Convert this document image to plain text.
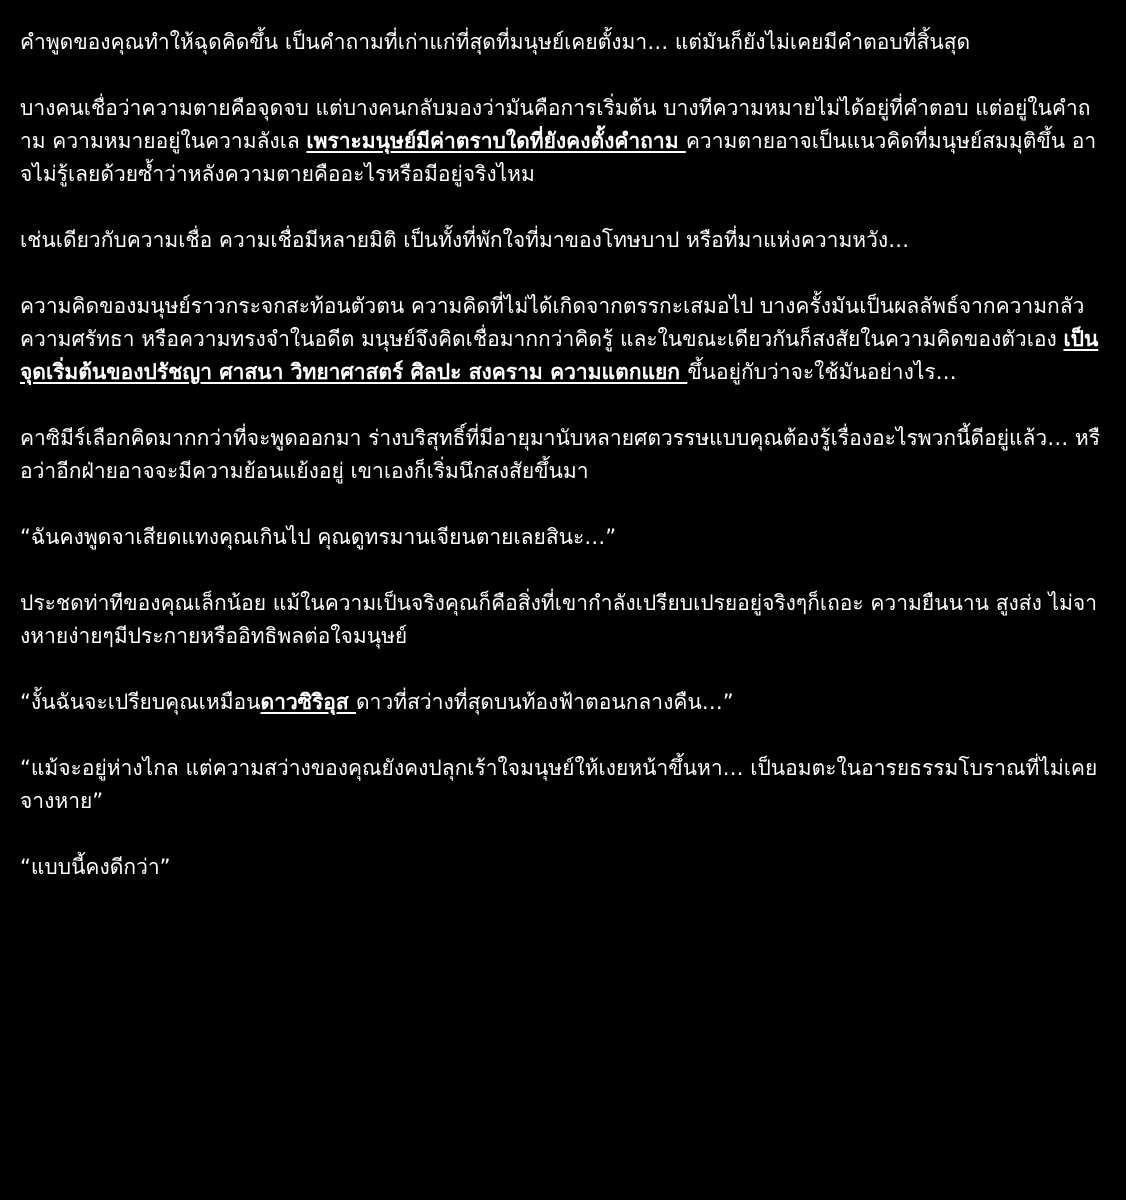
คำพูดของคุณทำให้ฉุดคิดขึ้น เป็นคำถามที่เก่าแก่ที่สุดที่มนุษย์เคยตั้งมา… แต่มันก็ยังไม่เคยมีคำตอบที่สิ้นสุด

บางคนเชื่อว่าความตายคือจุดจบ แต่บางคนกลับมองว่ามันคือการเริ่มต้น บางทีความหมายไม่ได้อยู่ที่คำตอบ แต่อยู่ในคำถาม ความหมายอยู่ในความลังเล เพราะมนุษย์มีค่าตราบใดที่ยังคงตั้งคำถาม ความตายอาจเป็นแนวคิดที่มนุษย์สมมุติขึ้น อาจไม่รู้เลยด้วยซ้ำว่าหลังความตายคืออะไรหรือมีอยู่จริงไหม

เช่นเดียวกับความเชื่อ ความเชื่อมีหลายมิติ เป็นทั้งที่พักใจที่มาของโทษบาป หรือที่มาแห่งความหวัง…

ความคิดของมนุษย์ราวกระจกสะท้อนตัวตน ความคิดที่ไม่ได้เกิดจากตรรกะเสมอไป บางครั้งมันเป็นผลลัพธ์จากความกลัว ความศรัทธา หรือความทรงจำในอดีต มนุษย์จึงคิดเชื่อมากกว่าคิดรู้ และในขณะเดียวกันก็สงสัยในความคิดของตัวเอง เป็นจุดเริ่มต้นของปรัชญา ศาสนา วิทยาศาสตร์ ศิลปะ สงคราม ความแตกแยก ขึ้นอยู่กับว่าจะใช้มันอย่างไร…

คาซิมีร์เลือกคิดมากกว่าที่จะพูดออกมา ร่างบริสุทธิ์ที่มีอายุมานับหลายศตวรรษแบบคุณต้องรู้เรื่องอะไรพวกนี้ดีอยู่แล้ว… หรือว่าอีกฝ่ายอาจจะมีความย้อนแย้งอยู่ เขาเองก็เริ่มนึกสงสัยขึ้นมา

“ฉันคงพูดจาเสียดแทงคุณเกินไป คุณดูทรมานเจียนตายเลยสินะ…”

ประชดท่าทีของคุณเล็กน้อย แม้ในความเป็นจริงคุณก็คือสิ่งที่เขากำลังเปรียบเปรยอยู่จริงๆก็เถอะ ความยืนนาน สูงส่ง ไม่จางหายง่ายๆมีประกายหรืออิทธิพลต่อใจมนุษย์

“งั้นฉันจะเปรียบคุณเหมือนดาวซิริอุส ดาวที่สว่างที่สุดบนท้องฟ้าตอนกลางคืน…”

“แม้จะอยู่ห่างไกล แต่ความสว่างของคุณยังคงปลุกเร้าใจมนุษย์ให้เงยหน้าขึ้นหา… เป็นอมตะในอารยธรรมโบราณที่ไม่เคยจางหาย”

“แบบนี้คงดีกว่า”
